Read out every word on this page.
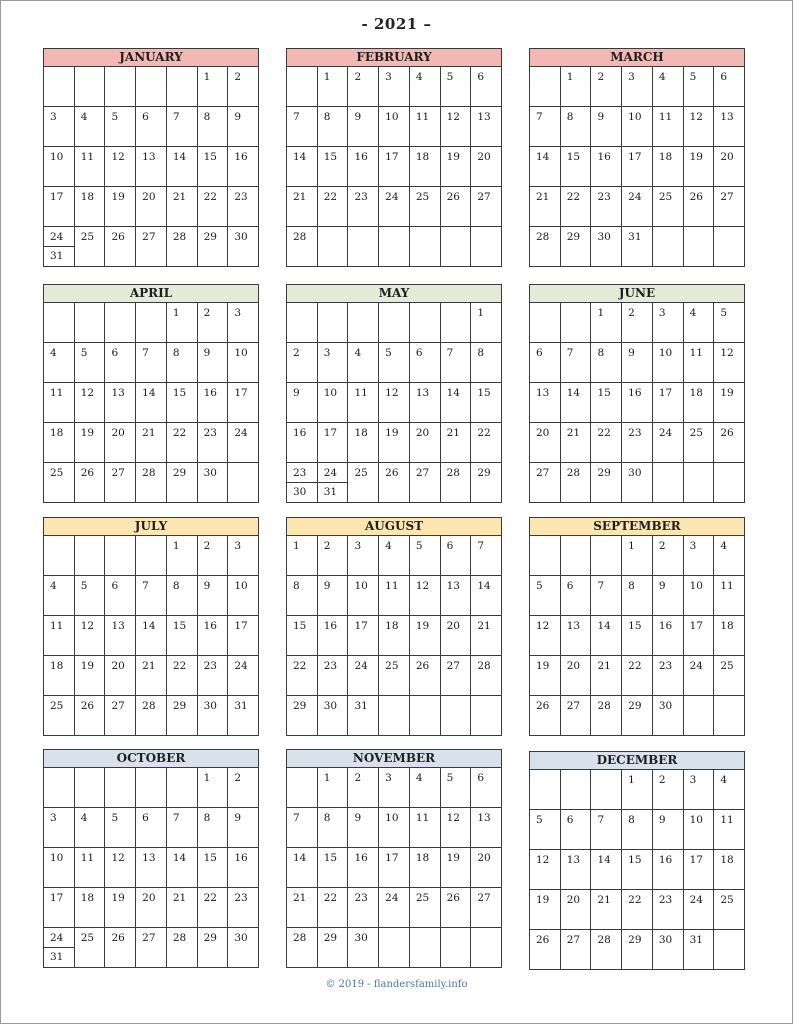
- 2021 –
JANUARY
1 2
3 4 5 6 7 8 9
10 11 12 13 14 15 16
17 18 19 20 21 22 23
24
31
25 26 27 28 29 30
FEBRUARY
1 2 3 4 5 6
7 8 9 10 11 12 13
14 15 16 17 18 19 20
21 22 23 24 25 26 27
28
MARCH
1 2 3 4 5 6
7 8 9 10 11 12 13
14 15 16 17 18 19 20
21 22 23 24 25 26 27
28 29 30 31
APRIL
1 2 3
4 5 6 7 8 9 10
11 12 13 14 15 16 17
18 19 20 21 22 23 24
25 26 27 28 29 30
MAY
1
2 3 4 5 6 7 8
9 10 11 12 13 14 15
16 17 18 19 20 21 22
23
30
24
31
25 26 27 28 29
JUNE
1 2 3 4 5
6 7 8 9 10 11 12
13 14 15 16 17 18 19
20 21 22 23 24 25 26
27 28 29 30
JULY
1 2 3
4 5 6 7 8 9 10
11 12 13 14 15 16 17
18 19 20 21 22 23 24
25 26 27 28 29 30 31
AUGUST
1 2 3 4 5 6 7
8 9 10 11 12 13 14
15 16 17 18 19 20 21
22 23 24 25 26 27 28
29 30 31
SEPTEMBER
1 2 3 4
5 6 7 8 9 10 11
12 13 14 15 16 17 18
19 20 21 22 23 24 25
26 27 28 29 30
OCTOBER
1 2
3 4 5 6 7 8 9
10 11 12 13 14 15 16
17 18 19 20 21 22 23
24
31
25 26 27 28 29 30
NOVEMBER
1 2 3 4 5 6
7 8 9 10 11 12 13
14 15 16 17 18 19 20
21 22 23 24 25 26 27
28 29 30
DECEMBER
1 2 3 4
5 6 7 8 9 10 11
12 13 14 15 16 17 18
19 20 21 22 23 24 25
26 27 28 29 30 31
© 2019 - flandersfamily.info
